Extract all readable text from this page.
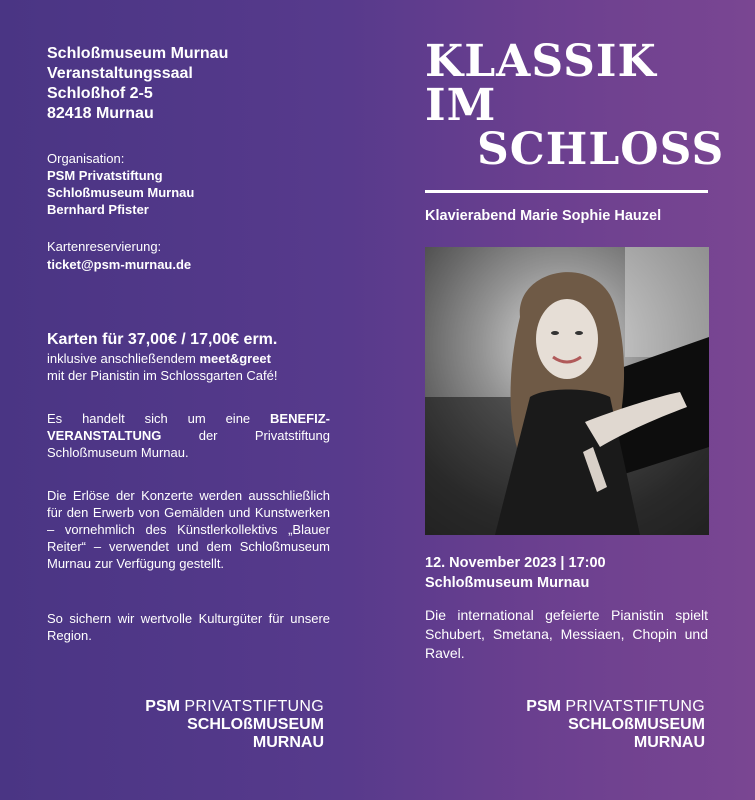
Schloßmuseum Murnau
Veranstaltungssaal
Schloßhof 2-5
82418 Murnau
Organisation:
PSM Privatstiftung
Schloßmuseum Murnau
Bernhard Pfister
Kartenreservierung:
ticket@psm-murnau.de
Karten für 37,00€ / 17,00€ erm.
inklusive anschließendem meet&greet
mit der Pianistin im Schlossgarten Café!
Es handelt sich um eine BENEFIZ-VERANSTALTUNG der Privatstiftung Schloßmuseum Murnau.
Die Erlöse der Konzerte werden ausschließlich für den Erwerb von Gemälden und Kunstwerken – vornehmlich des Künstlerkollektivs „Blauer Reiter“ – verwendet und dem Schloßmuseum Murnau zur Verfügung gestellt.
So sichern wir wertvolle Kulturgüter für unsere Region.
PSM PRIVATSTIFTUNG
SCHLOßMUSEUM
MURNAU
KLASSIK
IM
SCHLOSS
Klavierabend Marie Sophie Hauzel
12. November 2023 | 17:00
Schloßmuseum Murnau
Die international gefeierte Pianistin spielt Schubert, Smetana, Messiaen, Chopin und Ravel.
PSM PRIVATSTIFTUNG
SCHLOßMUSEUM
MURNAU
